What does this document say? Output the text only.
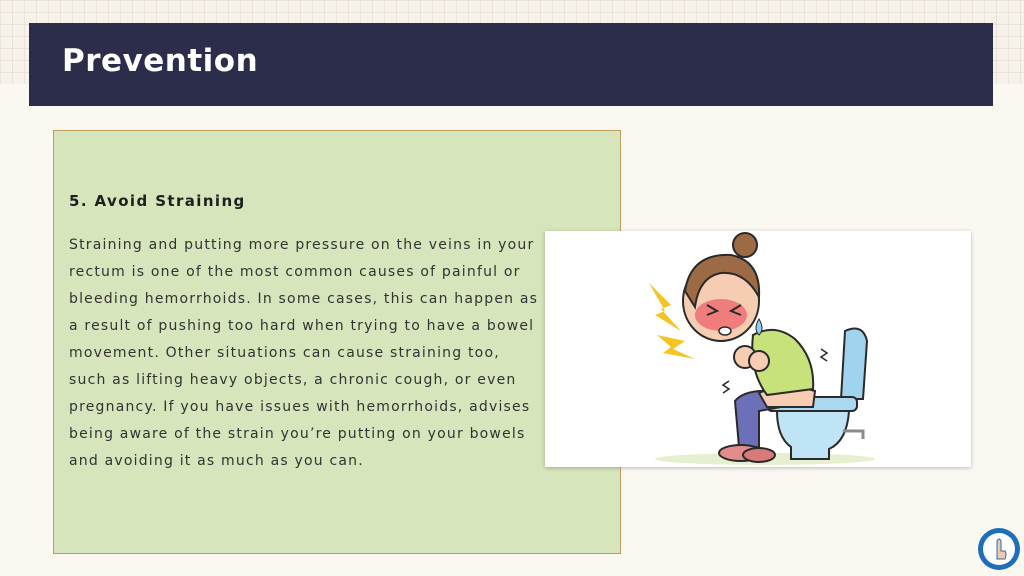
Prevention
5. Avoid Straining

Straining and putting more pressure on the veins in your rectum is one of the most common causes of painful or bleeding hemorrhoids. In some cases, this can happen as a result of pushing too hard when trying to have a bowel movement. Other situations can cause straining too, such as lifting heavy objects, a chronic cough, or even pregnancy. If you have issues with hemorrhoids, advises being aware of the strain you’re putting on your bowels and avoiding it as much as you can.
